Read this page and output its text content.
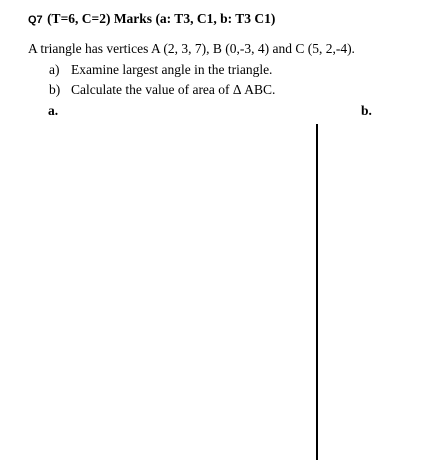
Q7 (T=6, C=2) Marks (a: T3, C1, b: T3 C1)
A triangle has vertices A (2, 3, 7), B (0,-3, 4) and C (5, 2,-4).
a) Examine largest angle in the triangle.
b) Calculate the value of area of Δ ABC.
a.	b.
